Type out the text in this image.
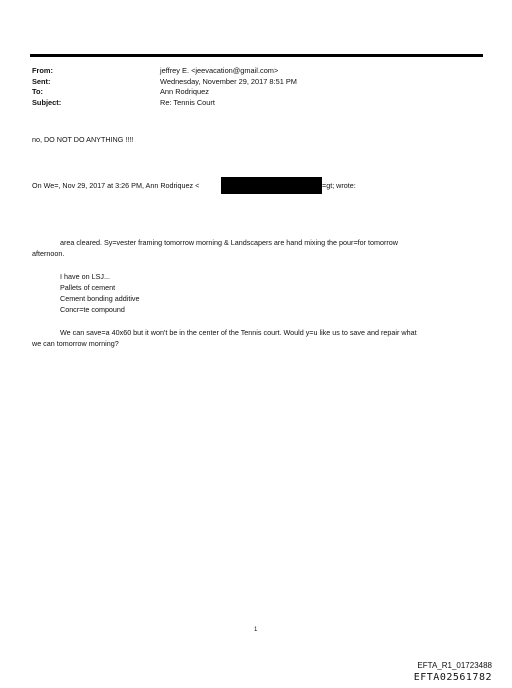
From:	jeffrey E. <jeevacation@gmail.com>
Sent:	Wednesday, November 29, 2017 8:51 PM
To:	Ann Rodriquez
Subject:	Re: Tennis Court
no, DO NOT DO ANYTHING !!!!
On We=, Nov 29, 2017 at 3:26 PM, Ann Rodriquez <	=gt; wrote:
area cleared. Sy=vester framing tomorrow morning & Landscapers are hand mixing the pour=for tomorrow
afternoon.
I have on LSJ...
Pallets of cement
Cement bonding additive
Concr=te compound
We can save=a 40x60 but it won't be in the center of the Tennis court. Would y=u like us to save and repair what
we can tomorrow morning?
1
EFTA_R1_01723488
EFTA02561782
